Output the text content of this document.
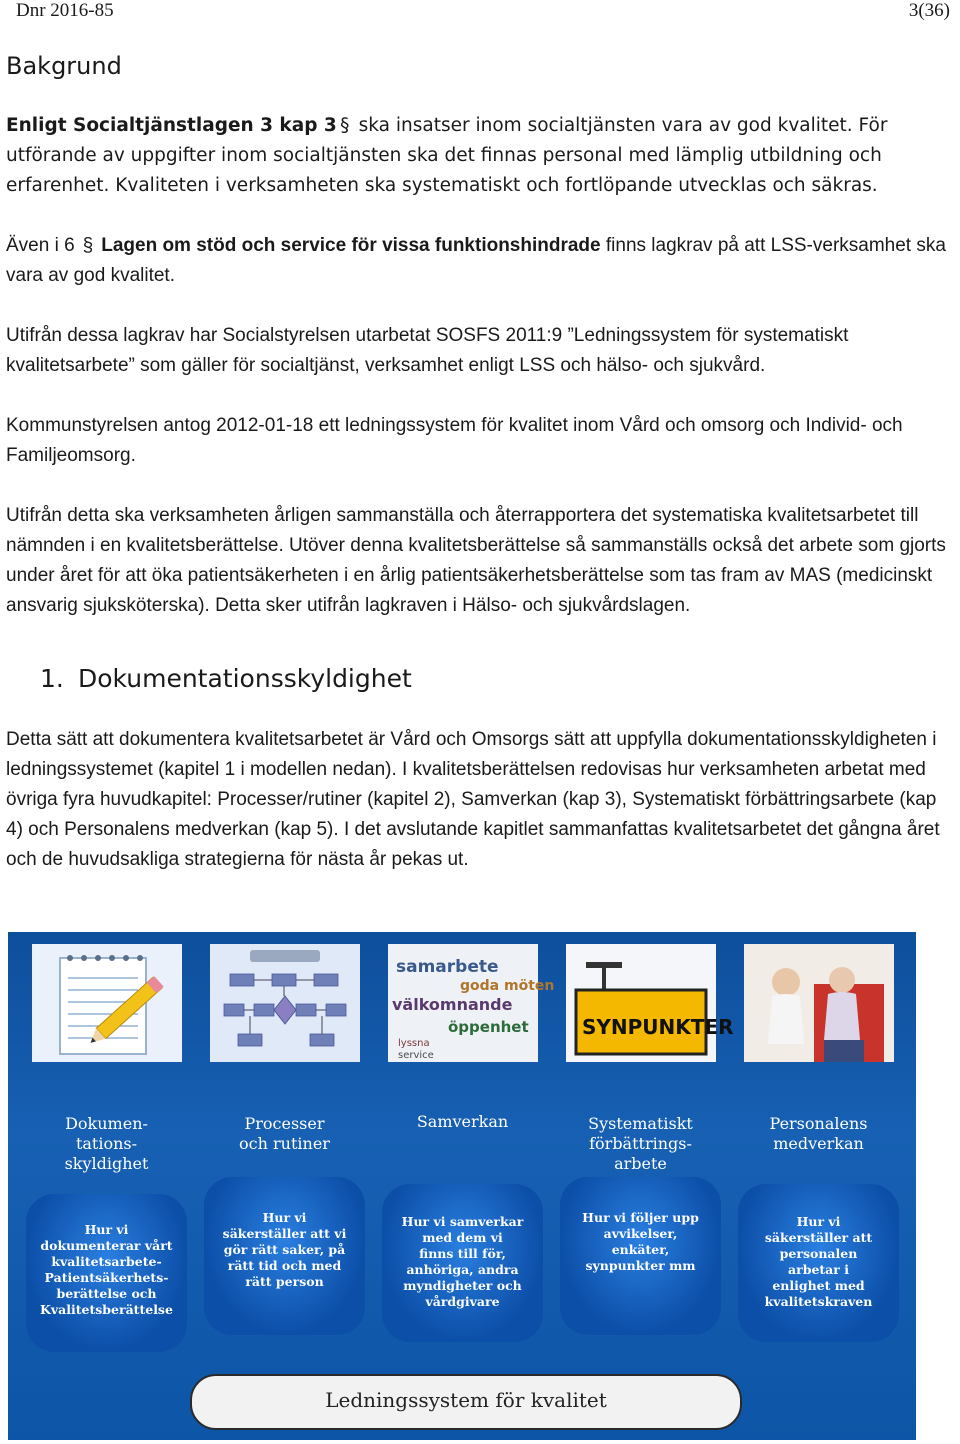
Dnr 2016-85	3(36)
Bakgrund
Enligt Socialtjänstlagen 3 kap 3 § ska insatser inom socialtjänsten vara av god kvalitet. För utförande av uppgifter inom socialtjänsten ska det finnas personal med lämplig utbildning och erfarenhet. Kvaliteten i verksamheten ska systematiskt och fortlöpande utvecklas och säkras.
Även i 6 § Lagen om stöd och service för vissa funktionshindrade finns lagkrav på att LSS-verksamhet ska vara av god kvalitet.
Utifrån dessa lagkrav har Socialstyrelsen utarbetat SOSFS 2011:9 ”Ledningssystem för systematiskt kvalitetsarbete” som gäller för socialtjänst, verksamhet enligt LSS och hälso- och sjukvård.
Kommunstyrelsen antog 2012-01-18 ett ledningssystem för kvalitet inom Vård och omsorg och Individ- och Familjeomsorg.
Utifrån detta ska verksamheten årligen sammanställa och återrapportera det systematiska kvalitetsarbetet till nämnden i en kvalitetsberättelse. Utöver denna kvalitetsberättelse så sammanställs också det arbete som gjorts under året för att öka patientsäkerheten i en årlig patientsäkerhetsberättelse som tas fram av MAS (medicinskt ansvarig sjuksköterska). Detta sker utifrån lagkraven i Hälso- och sjukvårdslagen.
1. Dokumentationsskyldighet
Detta sätt att dokumentera kvalitetsarbetet är Vård och Omsorgs sätt att uppfylla dokumentationsskyldigheten i ledningssystemet (kapitel 1 i modellen nedan). I kvalitetsberättelsen redovisas hur verksamheten arbetat med övriga fyra huvudkapitel: Processer/rutiner (kapitel 2), Samverkan (kap 3), Systematiskt förbättringsarbete (kap 4) och Personalens medverkan (kap 5). I det avslutande kapitlet sammanfattas kvalitetsarbetet det gångna året och de huvudsakliga strategierna för nästa år pekas ut.
Dokumen-
tations-
skyldighet
Hur vi
dokumenterar vårt
kvalitetsarbete-
Patientsäkerhets-
berättelse och
Kvalitetsberättelse
Processer
och rutiner
Hur vi
säkerställer att vi
gör rätt saker, på
rätt tid och med
rätt person
samarbete
goda möten
välkomnande
öppenhet
lyssna
service
Samverkan
Hur vi samverkar
med dem vi
finns till för,
anhöriga, andra
myndigheter och
vårdgivare
SYNPUNKTER
Systematiskt
förbättrings-
arbete
Hur vi följer upp
avvikelser,
enkäter,
synpunkter mm
Personalens
medverkan
Hur vi
säkerställer att
personalen
arbetar i
enlighet med
kvalitetskraven
Ledningssystem för kvalitet
